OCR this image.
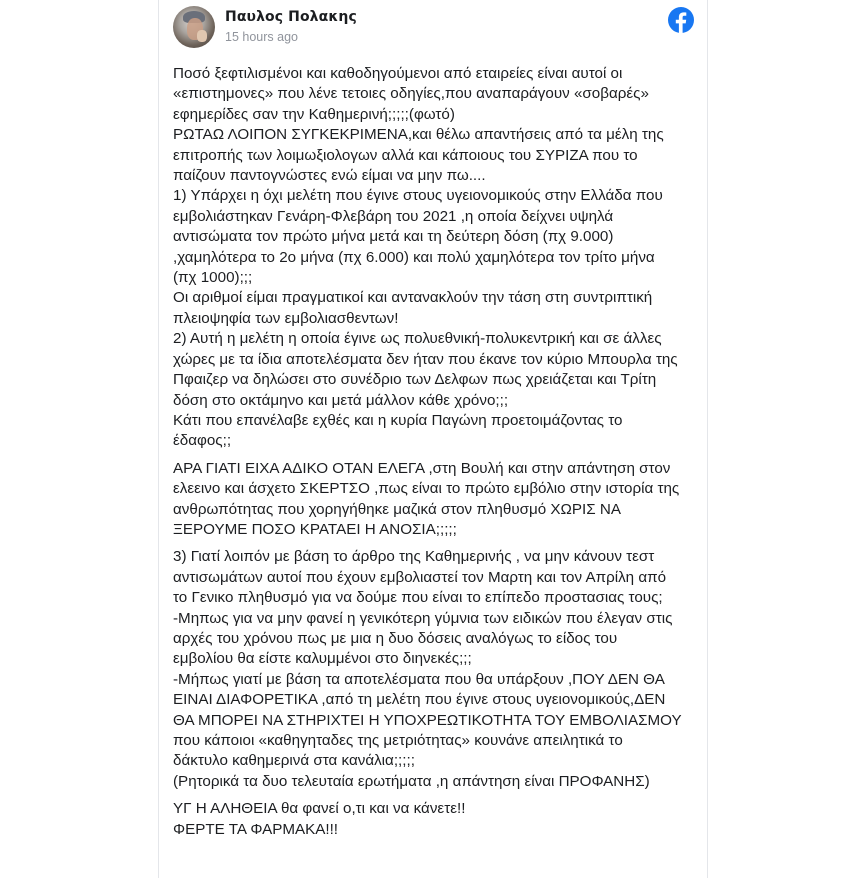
Παυλος Πολακης
15 hours ago

Ποσό ξεφτιλισμένοι και καθοδηγούμενοι από εταιρείες είναι αυτοί οι
«επιστημονες» που λένε τετοιες οδηγίες,που αναπαράγουν «σοβαρές»
εφημερίδες σαν την Καθημερινή;;;;;(φωτό)
ΡΩΤΑΩ ΛΟΙΠΟΝ ΣΥΓΚΕΚΡΙΜΕΝΑ,και θέλω απαντήσεις από τα μέλη της
επιτροπής των λοιμωξιολογων αλλά και κάποιους του ΣΥΡΙΖΑ που το
παίζουν παντογνώστες ενώ είμαι να μην πω....
1) Υπάρχει η όχι μελέτη που έγινε στους υγειονομικούς στην Ελλάδα που
εμβολιάστηκαν Γενάρη-Φλεβάρη του 2021 ,η οποία δείχνει υψηλά
αντισώματα τον πρώτο μήνα μετά και τη δεύτερη δόση (πχ 9.000)
,χαμηλότερα το 2ο μήνα (πχ 6.000) και πολύ χαμηλότερα τον τρίτο μήνα
(πχ 1000);;;
Οι αριθμοί είμαι πραγματικοί και αντανακλούν την τάση στη συντριπτική
πλειοψηφία των εμβολιασθεντων!
2) Αυτή η μελέτη η οποία έγινε ως πολυεθνική-πολυκεντρική και σε άλλες
χώρες με τα ίδια αποτελέσματα δεν ήταν που έκανε τον κύριο Μπουρλα της
Πφαιζερ να δηλώσει στο συνέδριο των Δελφων πως χρειάζεται και Τρίτη
δόση στο οκτάμηνο και μετά μάλλον κάθε χρόνο;;;
Κάτι που επανέλαβε εχθές και η κυρία Παγώνη προετοιμάζοντας το
έδαφος;;

ΑΡΑ ΓΙΑΤΙ ΕΙΧΑ ΑΔΙΚΟ ΟΤΑΝ ΕΛΕΓΑ ,στη Βουλή και στην απάντηση στον
ελεεινο και άσχετο ΣΚΕΡΤΣΟ ,πως είναι το πρώτο εμβόλιο στην ιστορία της
ανθρωπότητας που χορηγήθηκε μαζικά στον πληθυσμό ΧΩΡΙΣ ΝΑ
ΞΕΡΟΥΜΕ ΠΟΣΟ ΚΡΑΤΑΕΙ Η ΑΝΟΣΙΑ;;;;;

3) Γιατί λοιπόν με βάση το άρθρο της Καθημερινής , να μην κάνουν τεστ
αντισωμάτων αυτοί που έχουν εμβολιαστεί τον Μαρτη και τον Απρίλη από
το Γενικο πληθυσμό για να δούμε που είναι το επίπεδο προστασιας τους;
-Μηπως για να μην φανεί η γενικότερη γύμνια των ειδικών που έλεγαν στις
αρχές του χρόνου πως με μια η δυο δόσεις αναλόγως το είδος του
εμβολίου θα είστε καλυμμένοι στο διηνεκές;;;
-Μήπως γιατί με βάση τα αποτελέσματα που θα υπάρξουν ,ΠΟΥ ΔΕΝ ΘΑ
ΕΙΝΑΙ ΔΙΑΦΟΡΕΤΙΚΑ ,από τη μελέτη που έγινε στους υγειονομικούς,ΔΕΝ
ΘΑ ΜΠΟΡΕΙ ΝΑ ΣΤΗΡΙΧΤΕΙ Η ΥΠΟΧΡΕΩΤΙΚΟΤΗΤΑ ΤΟΥ ΕΜΒΟΛΙΑΣΜΟΥ
που κάποιοι «καθηγηταδες της μετριότητας» κουνάνε απειλητικά το
δάκτυλο καθημερινά στα κανάλια;;;;;
(Ρητορικά τα δυο τελευταία ερωτήματα ,η απάντηση είναι ΠΡΟΦΑΝΗΣ)

ΥΓ Η ΑΛΗΘΕΙΑ θα φανεί ο,τι και να κάνετε!!
ΦΕΡΤΕ ΤΑ ΦΑΡΜΑΚΑ!!!
